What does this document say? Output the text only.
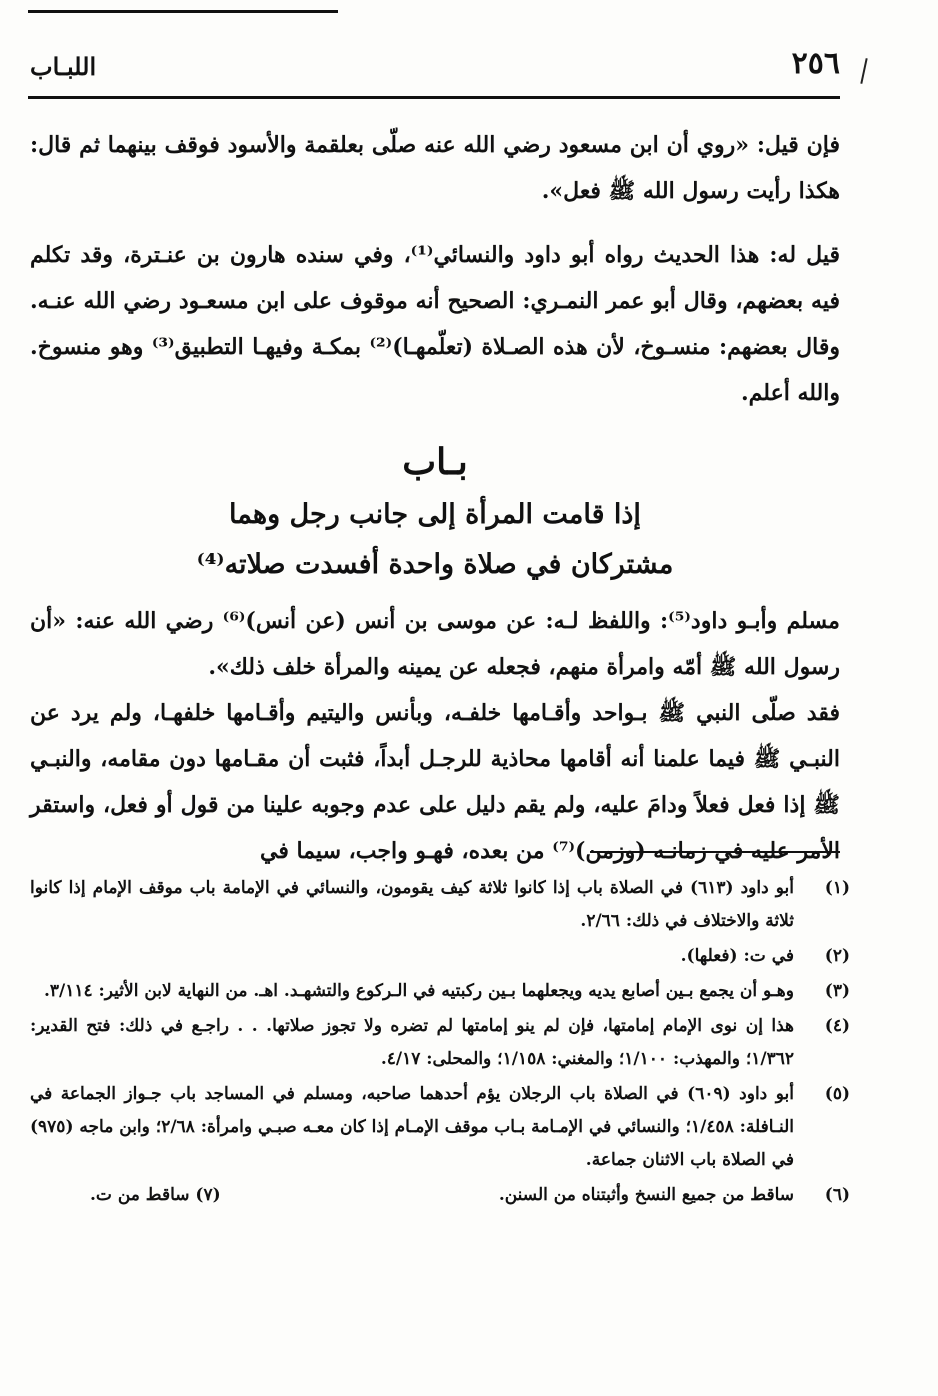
٢٥٦
اللبـاب

فإن قيل: «روي أن ابن مسعود رضي الله عنه صلّى بعلقمة والأسود فوقف بينهما ثم قال: هكذا رأيت رسول الله ﷺ فعل».

قيل له: هذا الحديث رواه أبو داود والنسائي⁽¹⁾، وفي سنده هارون بن عنـترة، وقد تكلم فيه بعضهم، وقال أبو عمر النمـري: الصحيح أنه موقوف على ابن مسعـود رضي الله عنـه. وقال بعضهم: منسـوخ، لأن هذه الصـلاة (تعلّمهـا)⁽²⁾ بمكـة وفيهـا التطبيق⁽³⁾ وهو منسوخ. والله أعلم.

بـاب

إذا قامت المرأة إلى جانب رجل وهما

مشتركان في صلاة واحدة أفسدت صلاته⁽⁴⁾

مسلم وأبـو داود⁽⁵⁾: واللفظ لـه: عن موسى بن أنس (عن أنس)⁽⁶⁾ رضي الله عنه: «أن رسول الله ﷺ أمّه وامرأة منهم، فجعله عن يمينه والمرأة خلف ذلك».

فقد صلّى النبي ﷺ بـواحد وأقـامها خلفـه، وبأنس واليتيم وأقـامها خلفهـا، ولم يرد عن النبـي ﷺ فيما علمنا أنه أقامها محاذية للرجـل أبداً، فثبت أن مقـامها دون مقامه، والنبـي ﷺ إذا فعل فعلاً ودامَ عليه، ولم يقم دليل على عدم وجوبه علينا من قول أو فعل، واستقر الأمر عليه في زمانـه (وزمن)⁽⁷⁾ من بعده، فهـو واجب، سيما في

(١)
أبو داود (٦١٣) في الصلاة باب إذا كانوا ثلاثة كيف يقومون، والنسائي في الإمامة باب موقف الإمام إذا كانوا ثلاثة والاختلاف في ذلك: ٢/٦٦.
(٢)
في ت: (فعلها).
(٣)
وهـو أن يجمع بـين أصابع يديه ويجعلهما بـين ركبتيه في الـركوع والتشهـد. اهـ. من النهاية لابن الأثير: ٣/١١٤.
(٤)
هذا إن نوى الإمام إمامتها، فإن لم ينو إمامتها لم تضره ولا تجوز صلاتها. . . راجـع في ذلك: فتح القدير: ١/٣٦٢؛ والمهذب: ١/١٠٠؛ والمغني: ١/١٥٨؛ والمحلى: ٤/١٧.
(٥)
أبو داود (٦٠٩) في الصلاة باب الرجلان يؤم أحدهما صاحبه، ومسلم في المساجد باب جـواز الجماعة في النـافلة: ١/٤٥٨؛ والنسائي في الإمـامة بـاب موقف الإمـام إذا كان معـه صبـي وامرأة: ٢/٦٨؛ وابن ماجه (٩٧٥) في الصلاة باب الاثنان جماعة.
(٦)
ساقط من جميع النسخ وأثبتناه من السنن.
(٧) ساقط من ت.
